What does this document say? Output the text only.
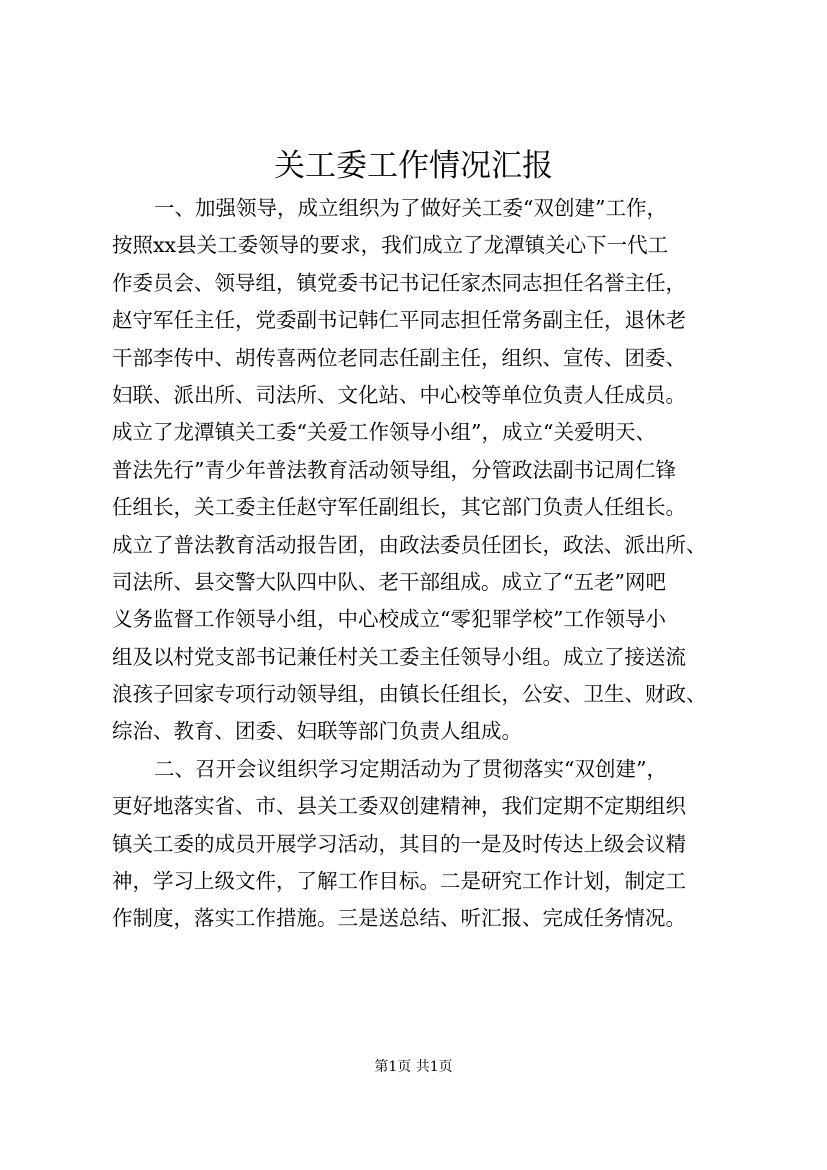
关工委工作情况汇报
一、加强领导，成立组织为了做好关工委“双创建”工作，
按照xx县关工委领导的要求，我们成立了龙潭镇关心下一代工
作委员会、领导组，镇党委书记书记任家杰同志担任名誉主任，
赵守军任主任，党委副书记韩仁平同志担任常务副主任，退休老
干部李传中、胡传喜两位老同志任副主任，组织、宣传、团委、
妇联、派出所、司法所、文化站、中心校等单位负责人任成员。
成立了龙潭镇关工委“关爱工作领导小组”，成立“关爱明天、
普法先行”青少年普法教育活动领导组，分管政法副书记周仁锋
任组长，关工委主任赵守军任副组长，其它部门负责人任组长。
成立了普法教育活动报告团，由政法委员任团长，政法、派出所、
司法所、县交警大队四中队、老干部组成。成立了“五老”网吧
义务监督工作领导小组，中心校成立“零犯罪学校”工作领导小
组及以村党支部书记兼任村关工委主任领导小组。成立了接送流
浪孩子回家专项行动领导组，由镇长任组长，公安、卫生、财政、
综治、教育、团委、妇联等部门负责人组成。
二、召开会议组织学习定期活动为了贯彻落实“双创建”，
更好地落实省、市、县关工委双创建精神，我们定期不定期组织
镇关工委的成员开展学习活动，其目的一是及时传达上级会议精
神，学习上级文件，了解工作目标。二是研究工作计划，制定工
作制度，落实工作措施。三是送总结、听汇报、完成任务情况。
第1页 共1页
